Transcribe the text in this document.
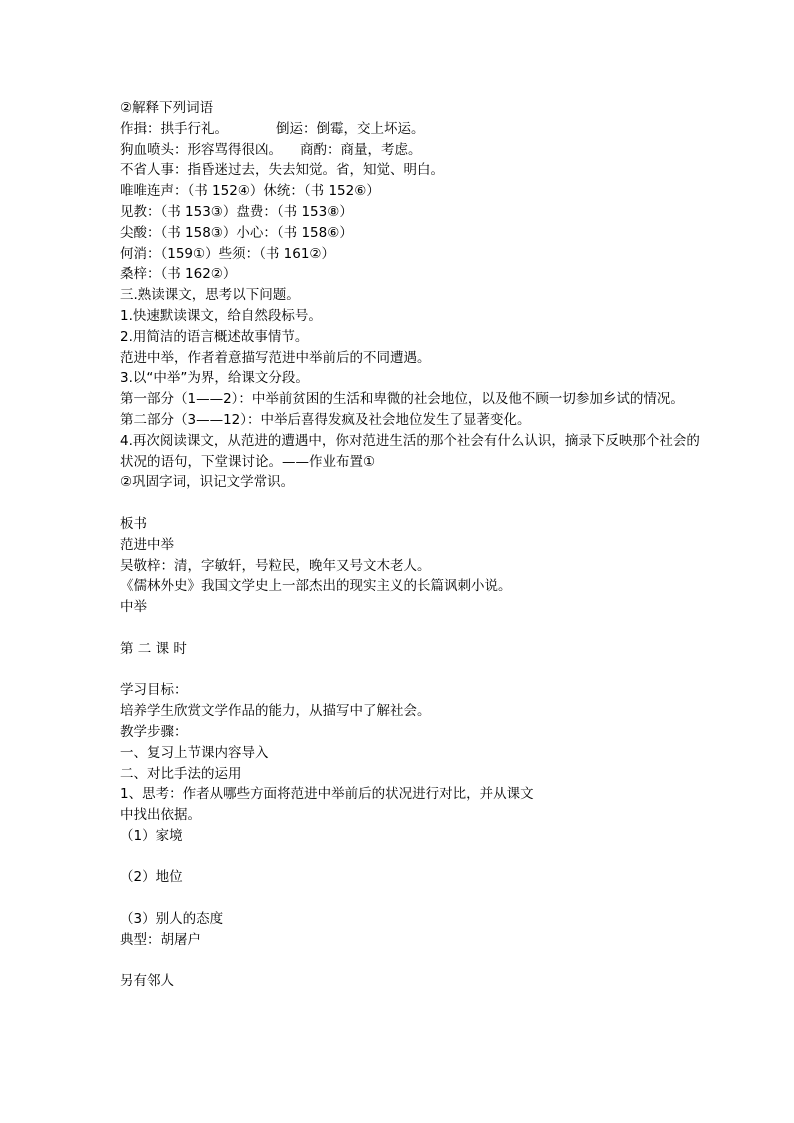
②解释下列词语
作揖：拱手行礼。	倒运：倒霉，交上坏运。
狗血喷头：形容骂得很凶。 商酌：商量，考虑。
不省人事：指昏迷过去，失去知觉。省，知觉、明白。
唯唯连声：（书 152④）休统：（书 152⑥）
见教：（书 153③）盘费：（书 153⑧）
尖酸：（书 158③）小心：（书 158⑥）
何消：（159①）些须：（书 161②）
桑梓：（书 162②）
三.熟读课文，思考以下问题。
1.快速默读课文，给自然段标号。
2.用简洁的语言概述故事情节。
范进中举，作者着意描写范进中举前后的不同遭遇。
3.以“中举”为界，给课文分段。
第一部分（1——2）：中举前贫困的生活和卑微的社会地位，以及他不顾一切参加乡试的情况。
第二部分（3——12）：中举后喜得发疯及社会地位发生了显著变化。
4.再次阅读课文，从范进的遭遇中，你对范进生活的那个社会有什么认识，摘录下反映那个社会的状况的语句，下堂课讨论。——作业布置①
②巩固字词，识记文学常识。
板书
范进中举
吴敬梓：清，字敏轩，号粒民，晚年又号文木老人。
《儒林外史》我国文学史上一部杰出的现实主义的长篇讽刺小说。
中举
第 二 课 时
学习目标：
培养学生欣赏文学作品的能力，从描写中了解社会。
教学步骤：
一、复习上节课内容导入
二、对比手法的运用
1、思考：作者从哪些方面将范进中举前后的状况进行对比，并从课文
中找出依据。
（1）家境
（2）地位
（3）别人的态度
典型：胡屠户
另有邻人
